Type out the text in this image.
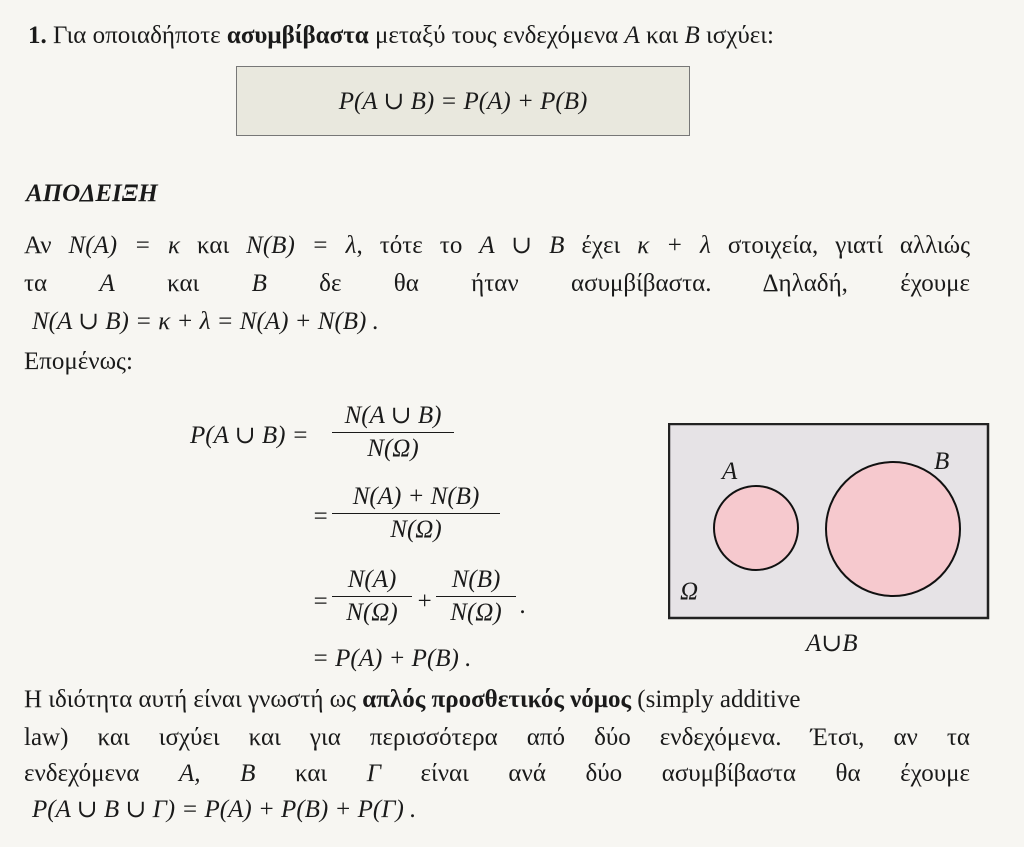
1. Για οποιαδήποτε ασυμβίβαστα μεταξύ τους ενδεχόμενα A και B ισχύει:
P(A ∪ B) = P(A) + P(B)
ΑΠΟΔΕΙΞΗ
Αν N(A) = κ και N(B) = λ, τότε το A ∪ B έχει κ + λ στοιχεία, γιατί αλλιώς
τα A και B δε θα ήταν ασυμβίβαστα. Δηλαδή, έχουμε
N(A ∪ B) = κ + λ = N(A) + N(B) .
Επομένως:
P(A ∪ B) =
N(A ∪ B)
N(Ω)
=
N(A) + N(B)
N(Ω)
=
N(A)
N(Ω) +
N(B)
N(Ω) .
= P(A) + P(B) .
A	B
Ω
A∪B
Η ιδιότητα αυτή είναι γνωστή ως απλός προσθετικός νόμος (simply additive
law) και ισχύει και για περισσότερα από δύο ενδεχόμενα. Έτσι, αν τα
ενδεχόμενα A, B και Γ είναι ανά δύο ασυμβίβαστα θα έχουμε
P(A ∪ B ∪ Γ) = P(A) + P(B) + P(Γ) .
